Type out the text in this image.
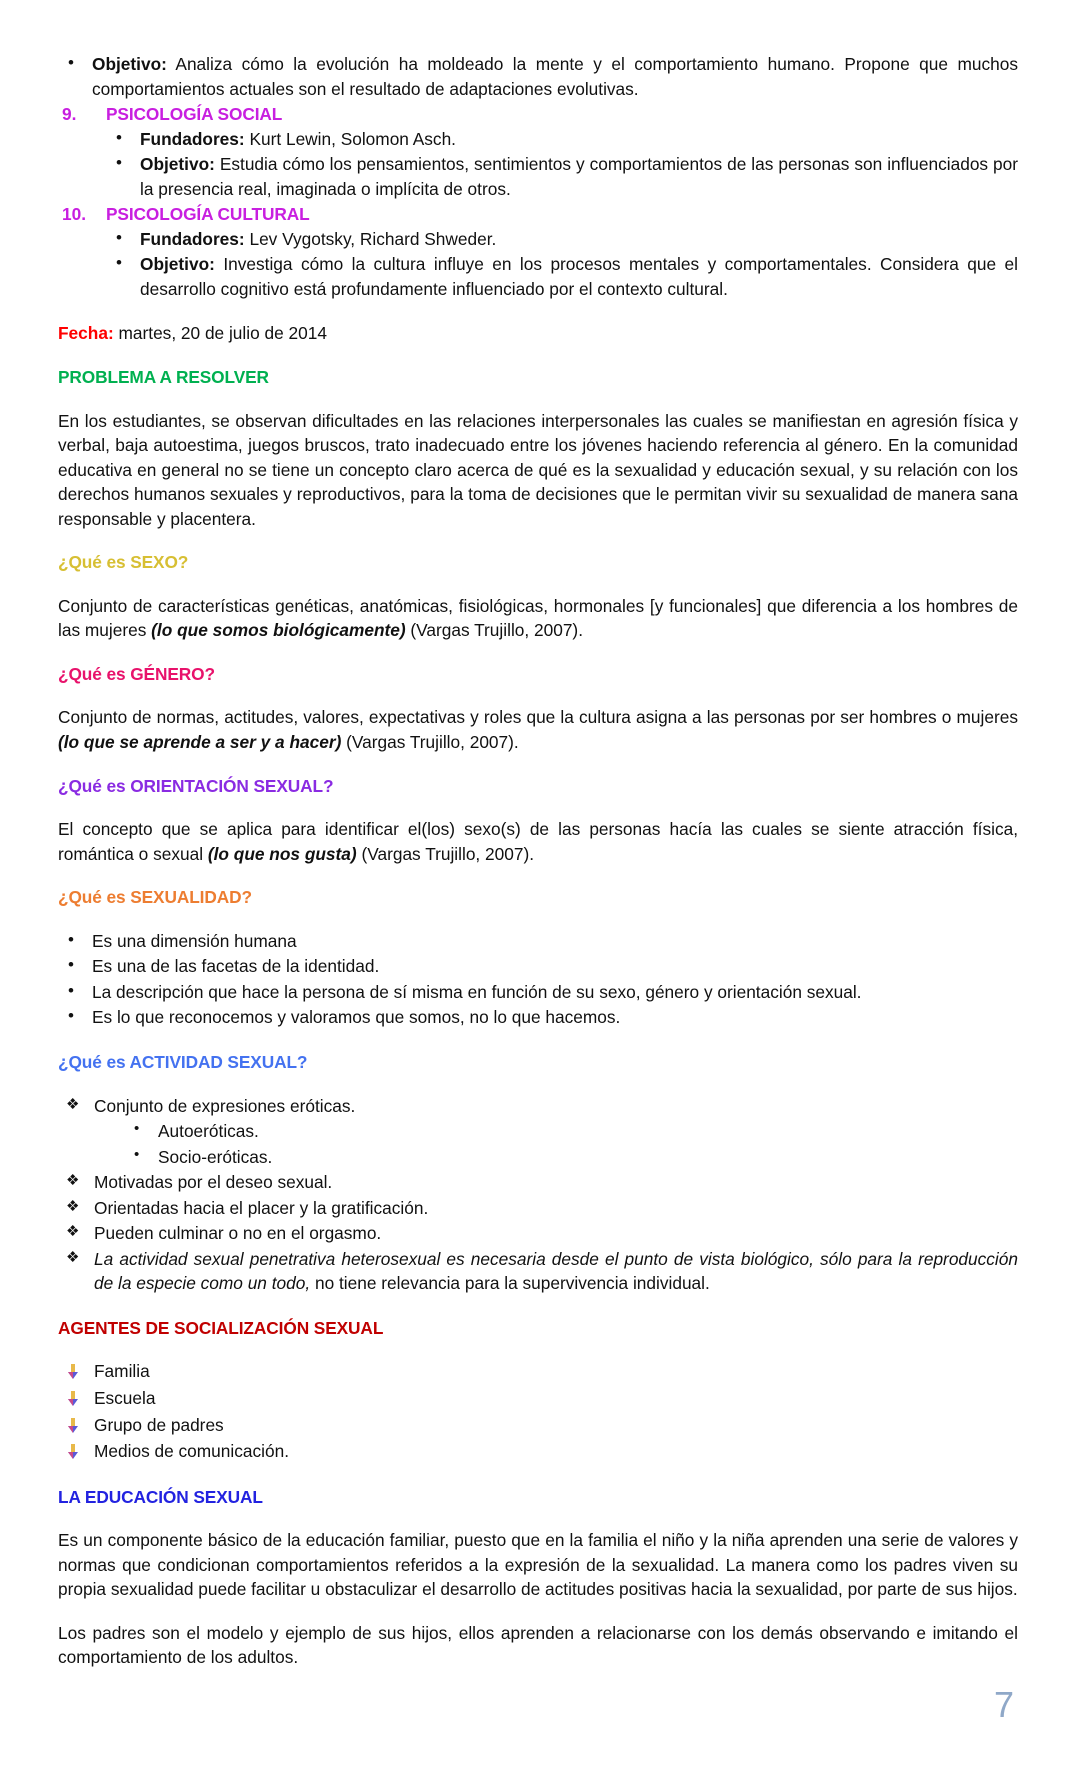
• Objetivo: Analiza cómo la evolución ha moldeado la mente y el comportamiento humano. Propone que muchos comportamientos actuales son el resultado de adaptaciones evolutivas.
9.	PSICOLOGÍA SOCIAL
• Fundadores: Kurt Lewin, Solomon Asch.
• Objetivo: Estudia cómo los pensamientos, sentimientos y comportamientos de las personas son influenciados por la presencia real, imaginada o implícita de otros.
10.	PSICOLOGÍA CULTURAL
• Fundadores: Lev Vygotsky, Richard Shweder.
• Objetivo: Investiga cómo la cultura influye en los procesos mentales y comportamentales. Considera que el desarrollo cognitivo está profundamente influenciado por el contexto cultural.

Fecha: martes, 20 de julio de 2014

PROBLEMA A RESOLVER

En los estudiantes, se observan dificultades en las relaciones interpersonales las cuales se manifiestan en agresión física y verbal, baja autoestima, juegos bruscos, trato inadecuado entre los jóvenes haciendo referencia al género. En la comunidad educativa en general no se tiene un concepto claro acerca de qué es la sexualidad y educación sexual, y su relación con los derechos humanos sexuales y reproductivos, para la toma de decisiones que le permitan vivir su sexualidad de manera sana responsable y placentera.

¿Qué es SEXO?

Conjunto de características genéticas, anatómicas, fisiológicas, hormonales [y funcionales] que diferencia a los hombres de las mujeres (lo que somos biológicamente) (Vargas Trujillo, 2007).

¿Qué es GÉNERO?

Conjunto de normas, actitudes, valores, expectativas y roles que la cultura asigna a las personas por ser hombres o mujeres (lo que se aprende a ser y a hacer) (Vargas Trujillo, 2007).

¿Qué es ORIENTACIÓN SEXUAL?

El concepto que se aplica para identificar el(los) sexo(s) de las personas hacía las cuales se siente atracción física, romántica o sexual (lo que nos gusta) (Vargas Trujillo, 2007).

¿Qué es SEXUALIDAD?

• Es una dimensión humana
• Es una de las facetas de la identidad.
• La descripción que hace la persona de sí misma en función de su sexo, género y orientación sexual.
• Es lo que reconocemos y valoramos que somos, no lo que hacemos.

¿Qué es ACTIVIDAD SEXUAL?

❖ Conjunto de expresiones eróticas.
• Autoeróticas.
• Socio-eróticas.
❖ Motivadas por el deseo sexual.
❖ Orientadas hacia el placer y la gratificación.
❖ Pueden culminar o no en el orgasmo.
❖ La actividad sexual penetrativa heterosexual es necesaria desde el punto de vista biológico, sólo para la reproducción de la especie como un todo, no tiene relevancia para la supervivencia individual.

AGENTES DE SOCIALIZACIÓN SEXUAL

Familia
Escuela
Grupo de padres
Medios de comunicación.

LA EDUCACIÓN SEXUAL

Es un componente básico de la educación familiar, puesto que en la familia el niño y la niña aprenden una serie de valores y normas que condicionan comportamientos referidos a la expresión de la sexualidad. La manera como los padres viven su propia sexualidad puede facilitar u obstaculizar el desarrollo de actitudes positivas hacia la sexualidad, por parte de sus hijos.

Los padres son el modelo y ejemplo de sus hijos, ellos aprenden a relacionarse con los demás observando e imitando el comportamiento de los adultos.

7
